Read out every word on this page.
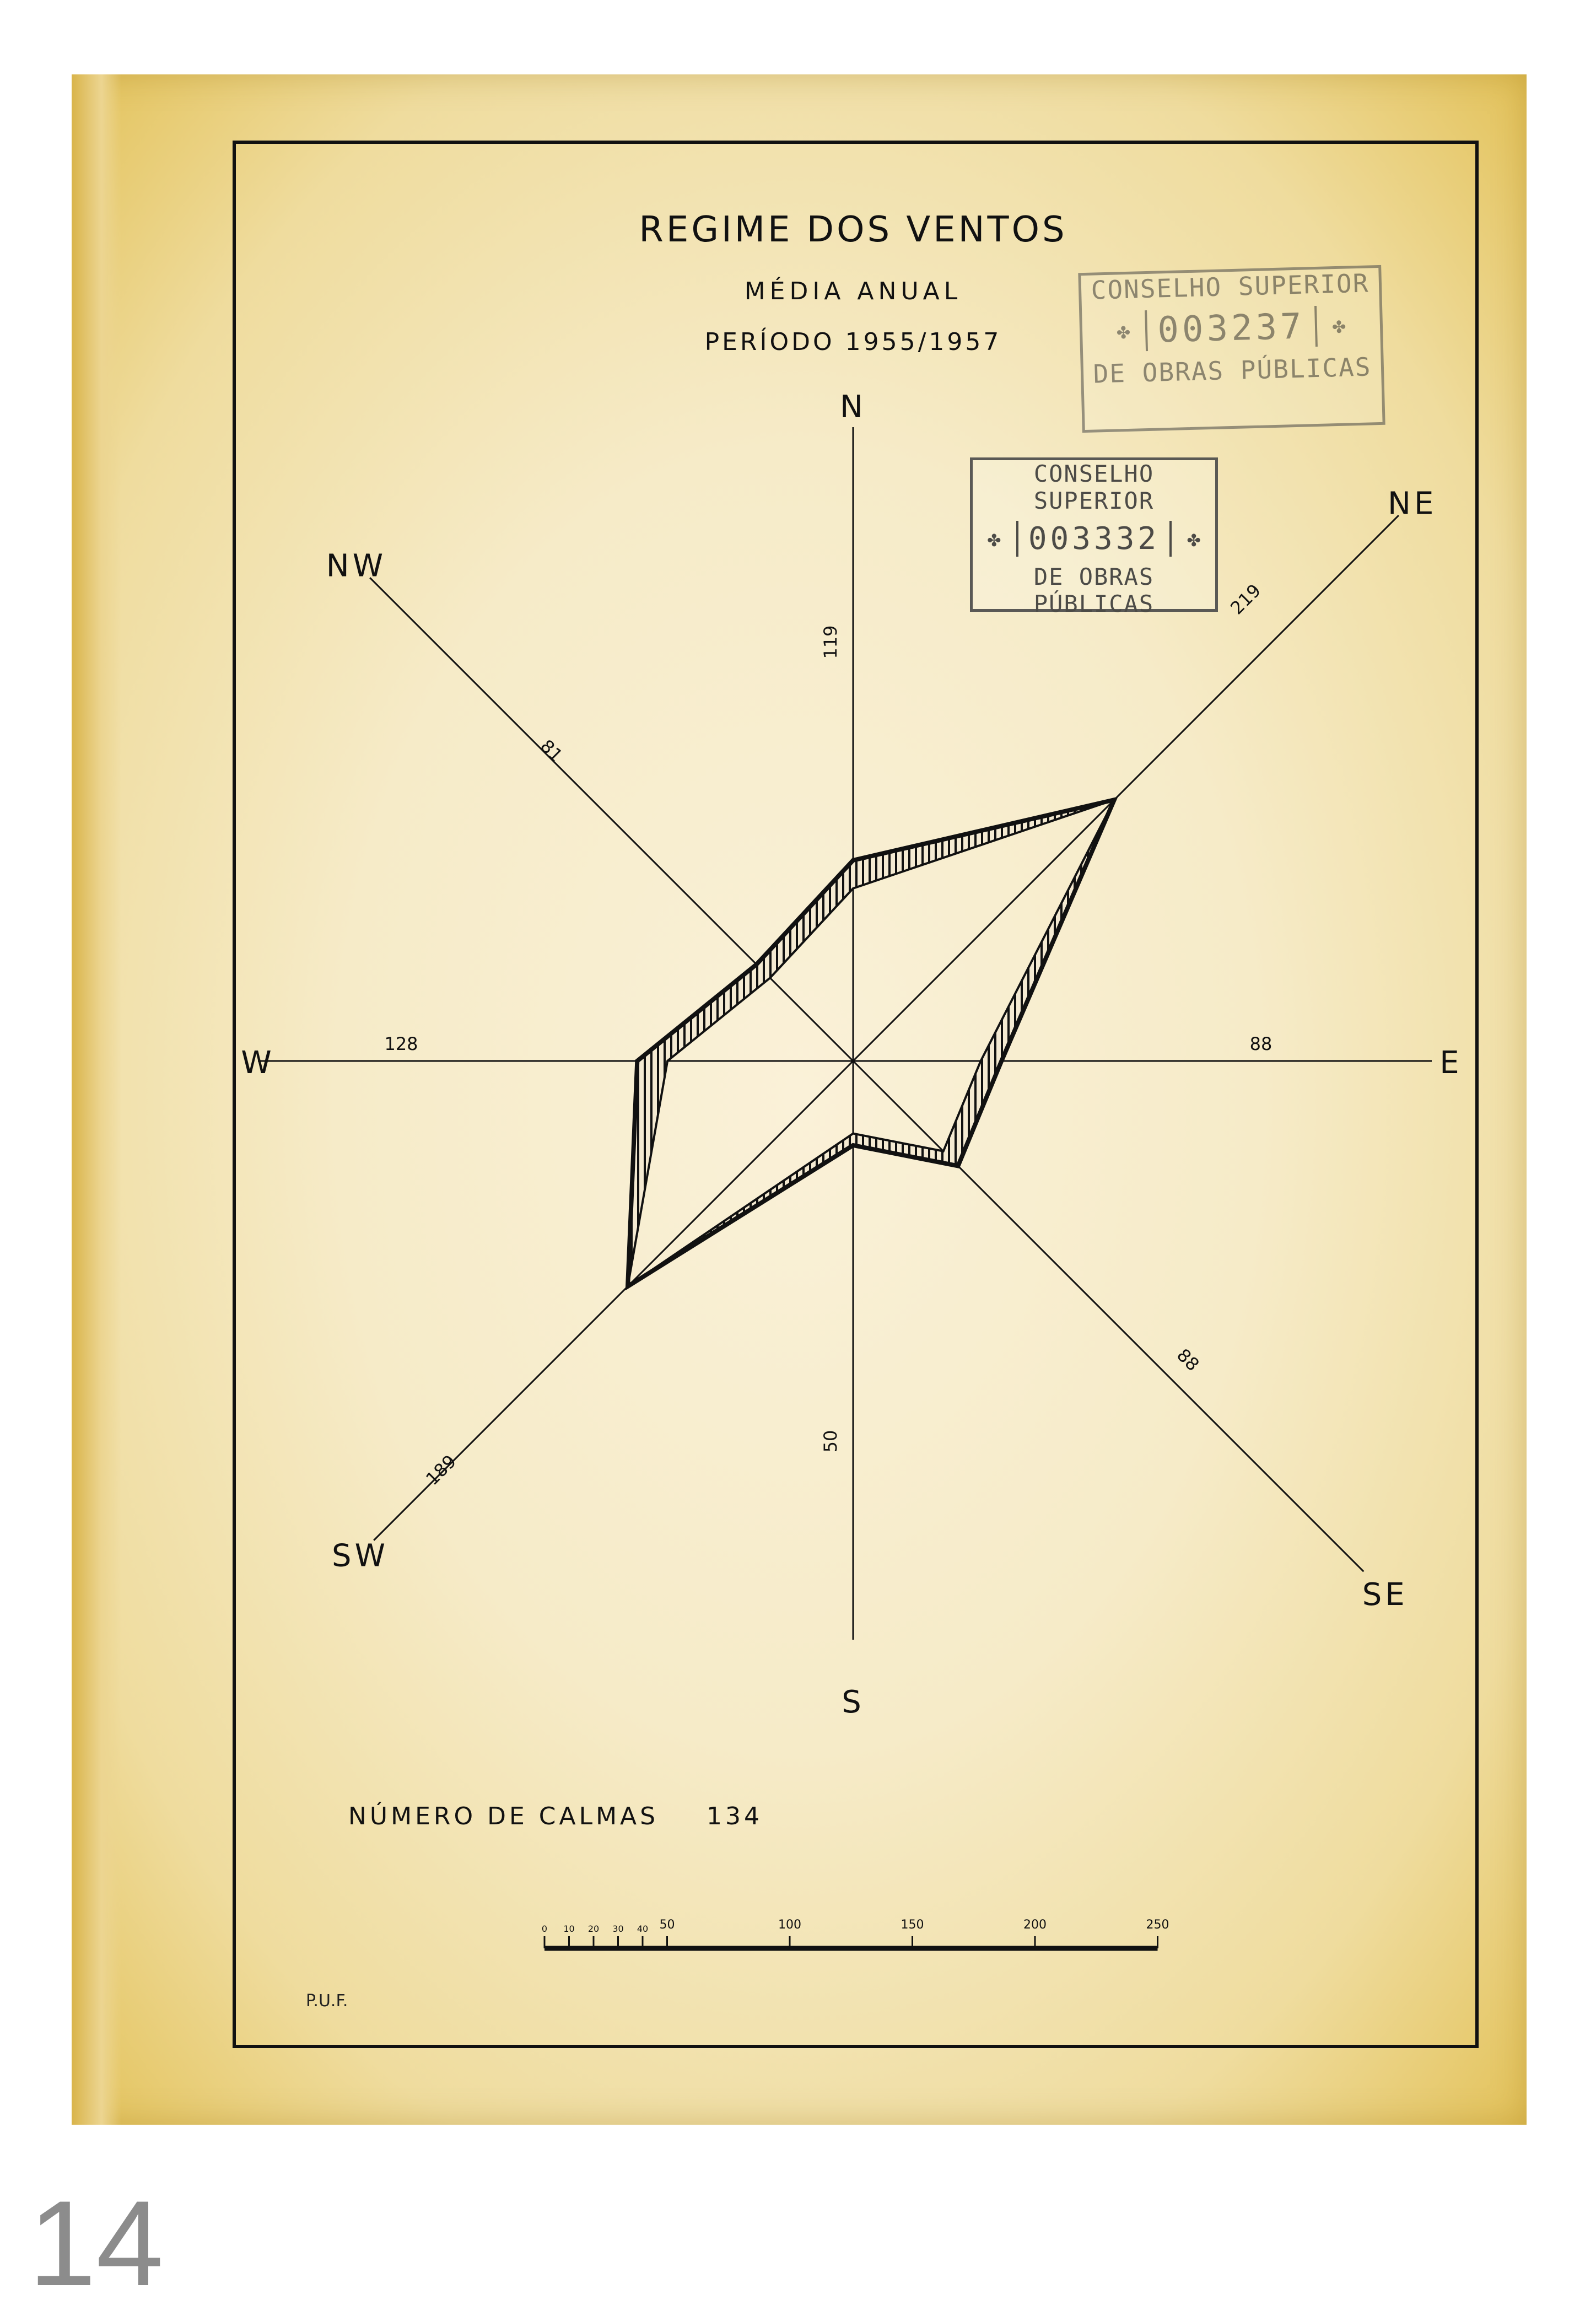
N
NE
E
SE
S
SW
W
NW
119
219
88
88
50
189
128
81
REGIME DOS VENTOS
MÉDIA ANUAL
PERÍODO 1955/1957
NÚMERO DE CALMAS 134
0 10 20 30 40 50	100	150	200	250
P.U.F.
CONSELHO SUPERIOR
✤ 003237	✤
DE OBRAS PÚBLICAS
CONSELHO SUPERIOR
✤ 003332	✤
DE OBRAS PÚBLICAS
14
